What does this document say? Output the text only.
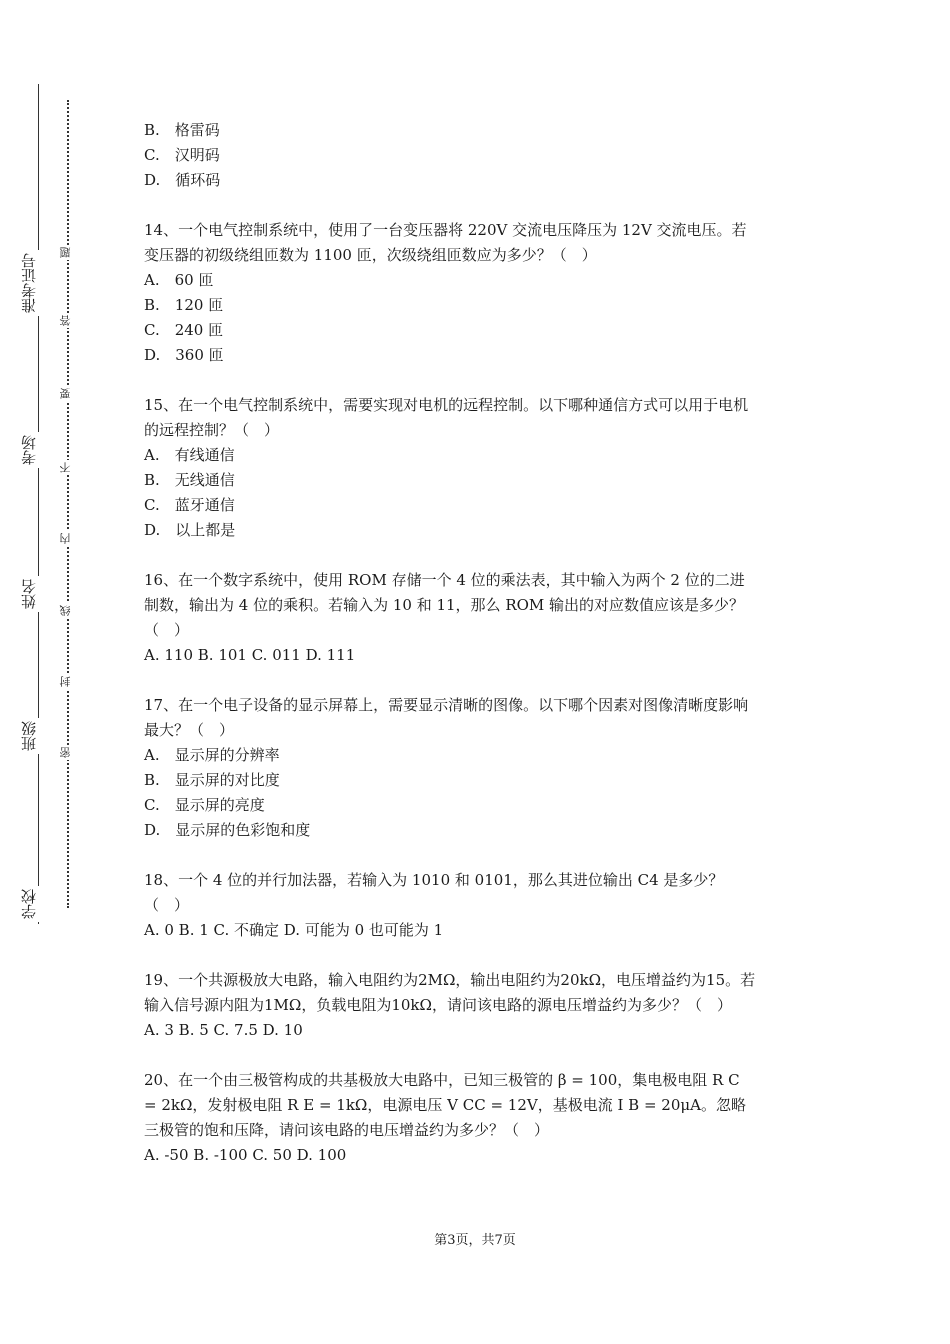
准考证号
考场
姓名
班级
学校
题
答
要
不
内
线
封
密

B.　格雷码

C.　汉明码

D.　循环码

14、一个电气控制系统中，使用了一台变压器将 220V 交流电压降压为 12V 交流电压。若

变压器的初级绕组匝数为 1100 匝，次级绕组匝数应为多少？（　）

A.　60 匝

B.　120 匝

C.　240 匝

D.　360 匝

15、在一个电气控制系统中，需要实现对电机的远程控制。以下哪种通信方式可以用于电机

的远程控制？（　）

A.　有线通信

B.　无线通信

C.　蓝牙通信

D.　以上都是

16、在一个数字系统中，使用 ROM 存储一个 4 位的乘法表，其中输入为两个 2 位的二进

制数，输出为 4 位的乘积。若输入为 10 和 11，那么 ROM 输出的对应数值应该是多少？

（　）

A. 110 B. 101 C. 011 D. 111

17、在一个电子设备的显示屏幕上，需要显示清晰的图像。以下哪个因素对图像清晰度影响

最大？（　）

A.　显示屏的分辨率

B.　显示屏的对比度

C.　显示屏的亮度

D.　显示屏的色彩饱和度

18、一个 4 位的并行加法器，若输入为 1010 和 0101，那么其进位输出 C4 是多少？

（　）

A. 0 B. 1 C. 不确定 D. 可能为 0 也可能为 1

19、一个共源极放大电路，输入电阻约为2MΩ，输出电阻约为20kΩ，电压增益约为15。若

输入信号源内阻为1MΩ，负载电阻为10kΩ，请问该电路的源电压增益约为多少？（　）

A. 3 B. 5 C. 7.5 D. 10

20、在一个由三极管构成的共基极放大电路中，已知三极管的 β = 100，集电极电阻 R C

= 2kΩ，发射极电阻 R E = 1kΩ，电源电压 V CC = 12V，基极电流 I B = 20μA。忽略

三极管的饱和压降，请问该电路的电压增益约为多少？（　）

A. -50 B. -100 C. 50 D. 100

第3页，共7页
